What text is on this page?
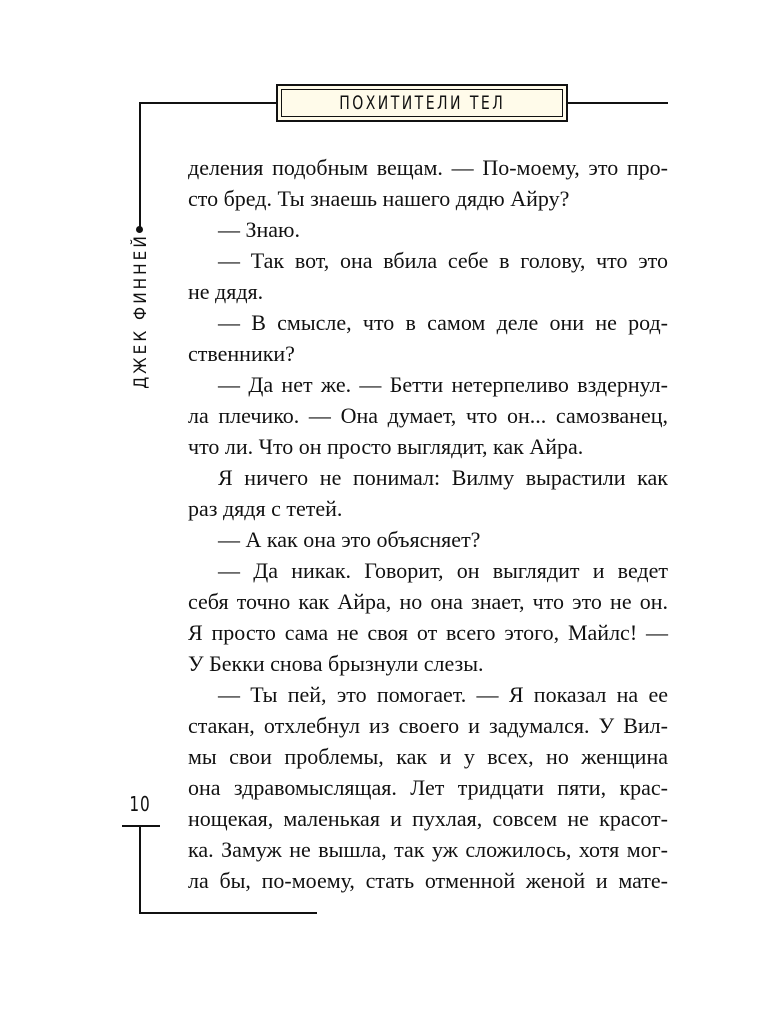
ПОХИТИТЕЛИ ТЕЛ
ДЖЕК ФИННЕЙ
10
деления подобным вещам. — По-моему, это про-
сто бред. Ты знаешь нашего дядю Айру?
— Знаю.
— Так вот, она вбила себе в голову, что это
не дядя.
— В смысле, что в самом деле они не род-
ственники?
— Да нет же. — Бетти нетерпеливо вздернул-
ла плечико. — Она думает, что он... самозванец,
что ли. Что он просто выглядит, как Айра.
Я ничего не понимал: Вилму вырастили как
раз дядя с тетей.
— А как она это объясняет?
— Да никак. Говорит, он выглядит и ведет
себя точно как Айра, но она знает, что это не он.
Я просто сама не своя от всего этого, Майлс! —
У Бекки снова брызнули слезы.
— Ты пей, это помогает. — Я показал на ее
стакан, отхлебнул из своего и задумался. У Вил-
мы свои проблемы, как и у всех, но женщина
она здравомыслящая. Лет тридцати пяти, крас-
нощекая, маленькая и пухлая, совсем не красот-
ка. Замуж не вышла, так уж сложилось, хотя мог-
ла бы, по-моему, стать отменной женой и мате-
